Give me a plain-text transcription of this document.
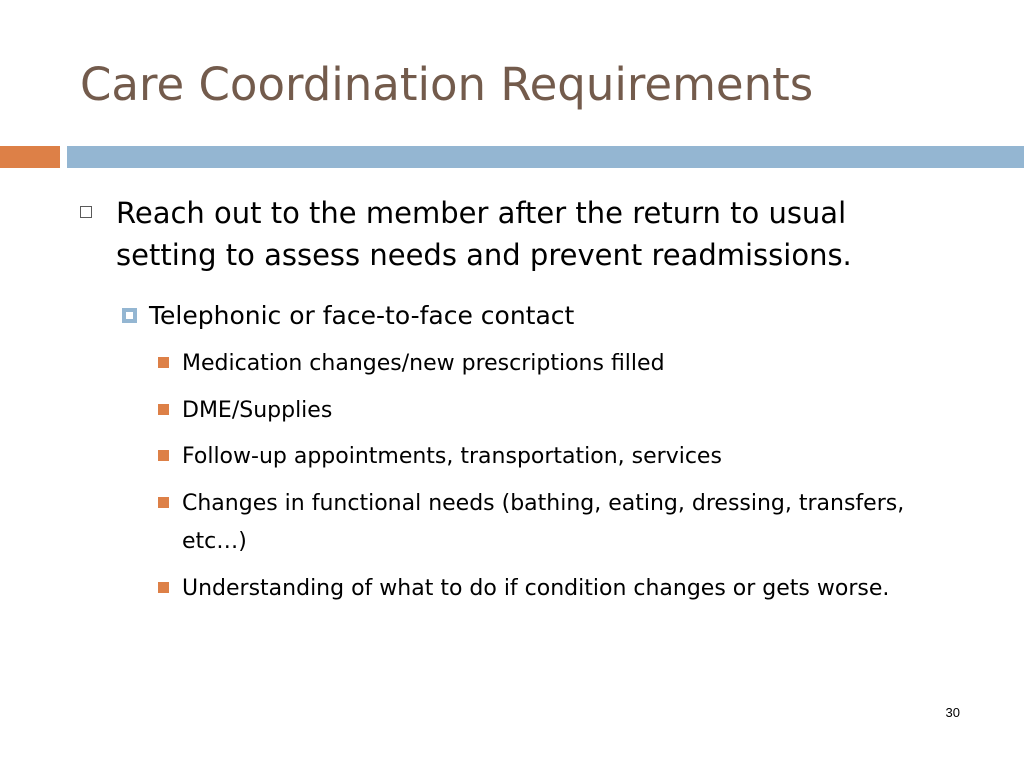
Care Coordination Requirements
Reach out to the member after the return to usual setting to assess needs and prevent readmissions.
Telephonic or face-to-face contact
Medication changes/new prescriptions filled
DME/Supplies
Follow-up appointments, transportation, services
Changes in functional needs (bathing, eating, dressing, transfers, etc…)
Understanding of what to do if condition changes or gets worse.
30
